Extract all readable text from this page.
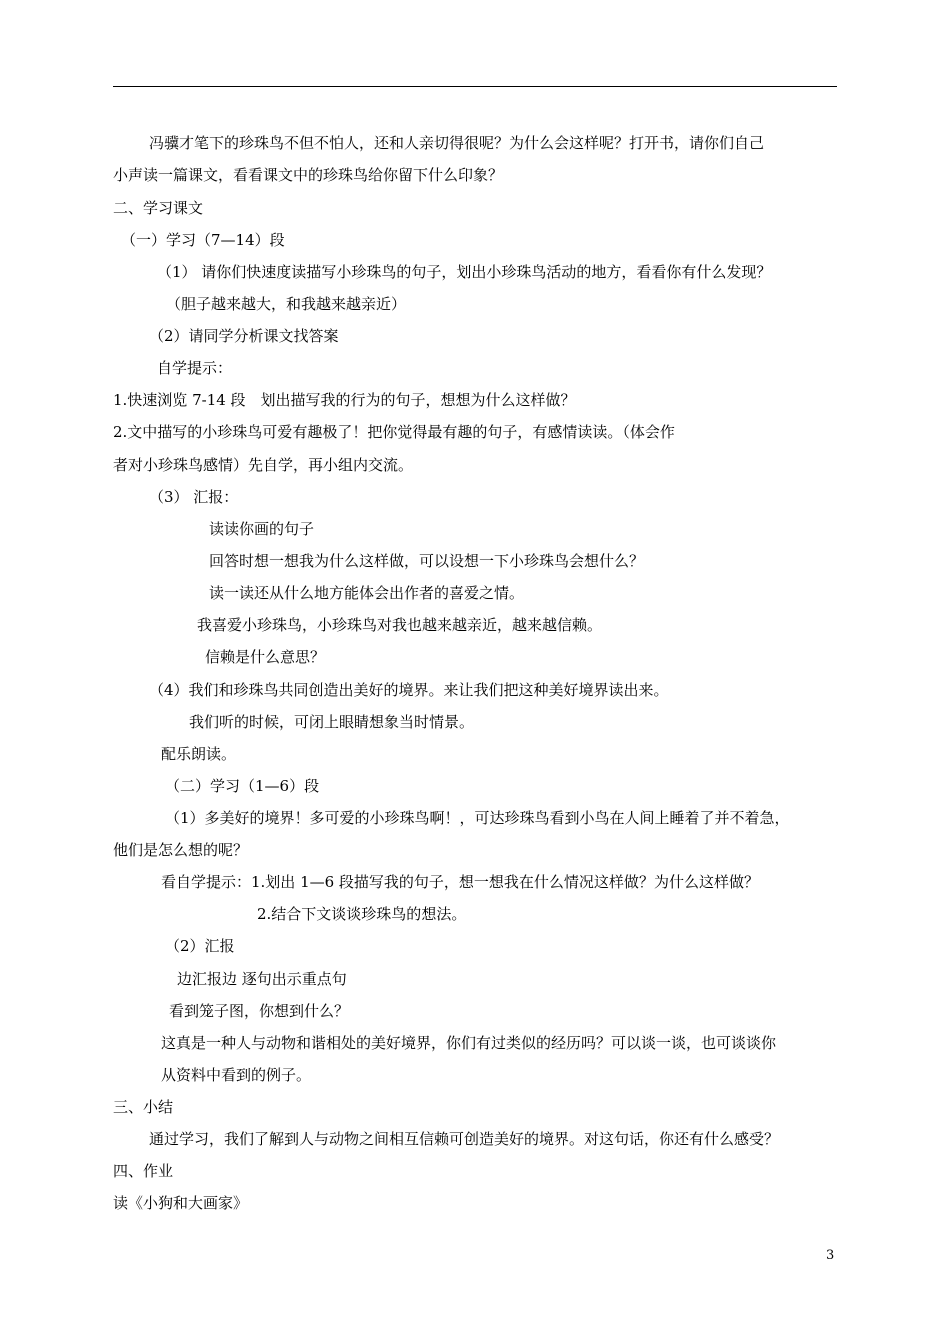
冯骥才笔下的珍珠鸟不但不怕人，还和人亲切得很呢？为什么会这样呢？打开书，请你们自己
小声读一篇课文，看看课文中的珍珠鸟给你留下什么印象？
二、学习课文
（一）学习（7—14）段
（1） 请你们快速度读描写小珍珠鸟的句子，划出小珍珠鸟活动的地方，看看你有什么发现？
（胆子越来越大，和我越来越亲近）
（2）请同学分析课文找答案
自学提示：
1.快速浏览 7-14 段　划出描写我的行为的句子，想想为什么这样做？
2.文中描写的小珍珠鸟可爱有趣极了！把你觉得最有趣的句子，有感情读读。（体会作
者对小珍珠鸟感情）先自学，再小组内交流。
（3） 汇报：
读读你画的句子
回答时想一想我为什么这样做，可以设想一下小珍珠鸟会想什么？
读一读还从什么地方能体会出作者的喜爱之情。
我喜爱小珍珠鸟，小珍珠鸟对我也越来越亲近，越来越信赖。
信赖是什么意思？
（4）我们和珍珠鸟共同创造出美好的境界。来让我们把这种美好境界读出来。
我们听的时候，可闭上眼睛想象当时情景。
配乐朗读。
（二）学习（1—6）段
（1）多美好的境界！多可爱的小珍珠鸟啊！，可达珍珠鸟看到小鸟在人间上睡着了并不着急，
他们是怎么想的呢？
看自学提示：1.划出 1—6 段描写我的句子，想一想我在什么情况这样做？为什么这样做？
2.结合下文谈谈珍珠鸟的想法。
（2）汇报
边汇报边 逐句出示重点句
看到笼子图，你想到什么？
这真是一种人与动物和谐相处的美好境界，你们有过类似的经历吗？可以谈一谈，也可谈谈你
从资料中看到的例子。
三、小结
通过学习，我们了解到人与动物之间相互信赖可创造美好的境界。对这句话，你还有什么感受？
四、作业
读《小狗和大画家》
3
